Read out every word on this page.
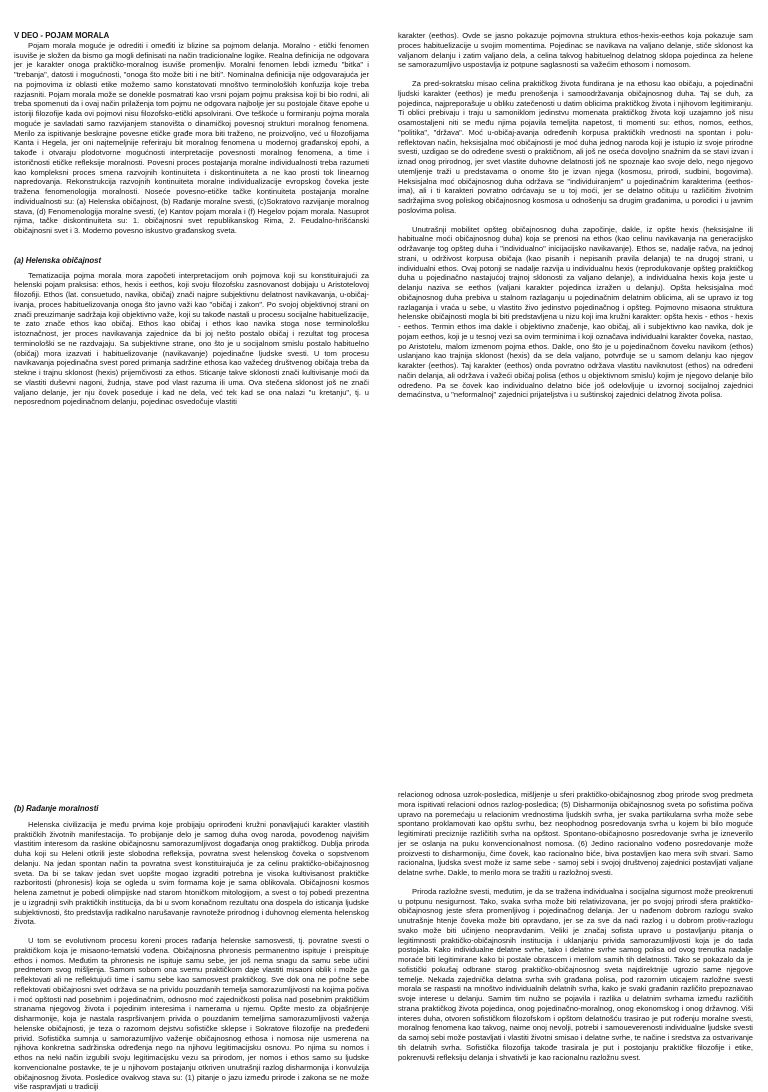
V DEO - POJAM MORALA

Pojam morala moguće je odrediti i omeđiti iz blizine sa pojmom delanja. Moralno - etički fenomen isuviše je složen da bismo ga mogli definisati na način tradicionalne logike. Realna definicija ne odgovara jer je karakter onoga praktičko-moralnog isuviše promenljiv. Moralni fenomen lebdi između "bitka" i "trebanja", datosti i mogućnosti, "onoga što može biti i ne biti". Nominalna definicija nije odgovarajuća jer na pojmovima iz oblasti etike možemo samo konstatovati mnoštvo terminoloških konfuzija koje treba razjasniti. Pojam morala može se donekle posmatrati kao vrsni pojam pojmu praksisa koji bi bio rodni, ali treba spomenuti da i ovaj način prilaženja tom pojmu ne odgovara najbolje jer su postojale čitave epohe u istoriji filozofije kada ovi pojmovi nisu filozofsko-etički apsolvirani. Ove teškoće u formiranju pojma morala moguće je savladati samo razvijanjem stanovišta o dinamičkoj povesnoj strukturi moralnog fenomena. Merilo za ispitivanje beskrajne povesne etičke građe mora biti traženo, ne proizvoljno, već u filozofijama Kanta i Hegela, jer oni najtemeljnije referiraju bit moralnog fenomena u modernoj građanskoj epohi, a takođe i otvaraju plodotvorne mogućnosti interpretacije povesnosti moralnog fenomena, a time i istoričnosti etičke refleksije moralnosti. Povesni proces postajanja moralne individualnosti treba razumeti kao kompleksni proces smena razvojnih kontinuiteta i diskontinuiteta a ne kao prosti tok linearnog napredovanja. Rekonstrukcija razvojnih kontinuiteta moralne individualizacije evropskog čoveka jeste tražena fenomenologija moralnosti. Noseće povesno-etičke tačke kontinuiteta postajanja moralne individualnosti su: (a) Helenska običajnost, (b) Rađanje moralne svesti, (c)Sokratovo razvijanje moralnog stava, (d) Fenomenologija moralne svesti, (e) Kantov pojam morala i (f) Hegelov pojam morala. Nasuprot njima, tačke diskontinuiteta su: 1. običajnosni svet republikanskog Rima, 2. Feudalno-hrišćanski običajnosni svet i 3. Moderno povesno iskustvo građanskog sveta.

(a) Helenska običajnost

Tematizacija pojma morala mora započeti interpretacijom onih pojmova koji su konstituirajući za helenski pojam praksisa: ethos, hexis i eethos, koji svoju filozofsku zasnovanost dobijaju u Aristotelovoj filozofiji. Ethos (lat. consuetudo, navika, običaj) znači najpre subjektivnu delatnost navikavanja, u-običaj-ivanja, proces habituelizovanja onoga što javno važi kao "običaj i zakon". Po svojoj objektivnoj strani on znači preuzimanje sadržaja koji objektivno važe, koji su takođe nastali u procesu socijalne habituelizacije, te zato znače ethos kao običaj. Ethos kao običaj i ethos kao navika stoga nose terminološku istoznačnost, jer proces navikavanja zajednice da bi joj nešto postalo običaj i rezultat tog procesa terminološki se ne razdvajaju. Sa subjektivne strane, ono što je u socijalnom smislu postalo habituelno (običaj) mora izazvati i habituelizovanje (navikavanje) pojedinačne ljudske svesti. U tom procesu navikavanja pojedinačna svest pored primanja sadržine ethosa kao važećeg društvenog običaja treba da stekne i trajnu sklonost (hexis) prijemčivosti za ethos. Sticanje takve sklonosti znači kultivisanje moći da se vlastiti duševni nagoni, žudnja, stave pod vlast razuma ili uma. Ova stečena sklonost još ne znači valjano delanje, jer nju čovek poseduje i kad ne dela, već tek kad se ona nalazi "u kretanju", tj. u neposrednom pojedinačnom delanju, pojedinac osvedočuje vlastiti

karakter (eethos). Ovde se jasno pokazuje pojmovna struktura ethos-hexis-eethos koja pokazuje sam proces habituelizacije u svojim momentima. Pojedinac se navikava na valjano delanje, stiče sklonost ka valjanom delanju i zatim valjano dela, a celina takvog habituelnog delatnog sklopa pojedinca za helene se samorazumljivo uspostavlja iz potpune saglasnosti sa važećim ethosom i nomosom.

Za pred-sokratsku misao celina praktičkog života fundirana je na ethosu kao običaju, a pojedinačni ljudski karakter (eethos) je među prenošenja i samoodržavanja običajnosnog duha. Taj se duh, za pojedinca, najpreporašuje u obliku zatečenosti u datim oblicima praktičkog života i njihovom legitimiranju. Ti oblici prebivaju i traju u samoniklom jedinstvu momenata praktičkog života koji uzajamno još nisu osamostaljeni niti se među njima pojavila temeljita napetost, ti momenti su: ethos, nomos, eethos, "politika", "država". Moć u-običaj-avanja određenih korpusa praktičkih vrednosti na spontan i polu-reflektovan način, heksisjalna moć običajnosti je moć duha jednog naroda koji je istupio iz svoje prirodne svesti, uzdigao se do određene svesti o praktičnom, ali još ne oseća dovoljno snažnim da se stavi izvan i iznad onog prirodnog, jer svet vlastite duhovne delatnosti još ne spoznaje kao svoje delo, nego njegovo utemljenje traži u predstavama o onome što je izvan njega (kosmosu, prirodi, sudbini, bogovima). Heksisjalna moć običajnosnog duha održava se "individuiranjem" u pojedinačnim karakterima (eethos-ima), ali i ti karakteri povratno odrćavaju se u toj moći, jer se delatno očituju u različitim životnim sadržajima svog poliskog običajnosnog kosmosa u odnošenju sa drugim građanima, u porodici i u javnim poslovima polisa.

Unutrašnji mobilitet opšteg običajnosnog duha započinje, dakle, iz opšte hexis (heksisjalne ili habitualne moći običajnosnog duha) koja se prenosi na ethos (kao celinu navikavanja na generacijsko održavanje tog opšteg duha i "individualno" inicijacijsko navikavanje). Ethos se, nadalje račva, na jednoj strani, u održivost korpusa običaja (kao pisanih i nepisanih pravila delanja) te na drugoj strani, u individualni ethos. Ovaj potonji se nadalje razvija u individualnu hexis (reprodukovanje opšteg praktičkog duha u pojedinačno nastajućoj trajnoj sklonosti za valjano delanje), a individualna hexis koja jeste u delanju naziva se eethos (valjani karakter pojedinca izražen u delanju). Opšta heksisjalna moć običajnosnog duha prebiva u stalnom razlaganju u pojedinačnim delatnim oblicima, ali se upravo iz tog razlaganja i vraća u sebe, u vlastito živo jedinstvo pojedinačnog i opšteg. Pojmovno misaona struktura helenske običajnosti mogla bi biti predstavljena u nizu koji ima kružni karakter: opšta hexis - ethos - hexis - eethos. Termin ethos ima dakle i objektivno značenje, kao običaj, ali i subjektivno kao navika, dok je pojam eethos, koji je u tesnoj vezi sa ovim terminima i koji označava individualni karakter čoveka, nastao, po Aristotelu, malom izmenom pojma ethos. Dakle, ono što je u pojedinačnom čoveku navikom (ethos) uslanjano kao trajnija sklonost (hexis) da se dela valjano, potvrđuje se u samom delanju kao njegov karakter (eethos). Taj karakter (eethos) onda povratno održava vlastitu naviknutost (ethos) na određeni način delanja, ali održava i važeći običaj polisa (ethos u objektivnom smislu) kojim je njegovo delanje bilo određeno. Pa se čovek kao individualno delatno biće još odelovljuje u izvornoj socijalnoj zajednici demaćinstva, u "neformalnoj" zajednici prijateljstva i u suštinskoj zajednici delatnog života polisa.

(b) Rađanje moralnosti

Helenska civilizacija je među prvima koje probijaju oprirođeni kružni ponavljajući karakter vlastitih praktičkih životnih manifestacija. To probijanje delo je samog duha ovog naroda, povođenog najvišim vlastitim interesom da raskine običajnosnu samorazumljivost događanja onog praktičkog. Dubljа priroda duha koji su Heleni otkrili jeste slobodna refleksija, povratna svest helenskog čoveka o sopstvenom delanju. Na jedan spontan način ta povratna svest konstituirajuća je za celinu praktičko-običajnosnog sveta. Da bi se takav jedan svet uopšte mogao izgraditi potrebna je visoka kultivisanost praktičke razboritosti (phronesis) koja se ogleda u svim formama koje je sama oblikovala. Običajnosni kosmos helena zametnut je pobedi olimpijske nad starom htoničkom mitologijom, a svest o toj pobedi prezentna je u izgradnji svih praktičkih institucija, da bi u svom konačnom rezultatu ona dospela do isticanja ljudske subjektivnosti, što predstavlja radikalno narušavanje ravnoteže prirodnog i duhovnog elementa helenskog života.

U tom se evolutivnom procesu koreni proces rađanja helenske samosvesti, tj. povratne svesti o praktičkom koja je misaono-tematski vođena. Običajnosna phronesis permanentno ispituje i preispituje ethos i nomos. Međutim ta phronesis ne ispituje samu sebe, jer još nema snagu da samu sebe učini predmetom svog mišljenja. Samom sobom ona svemu praktičkom daje vlastiti misaoni oblik i može ga reflektovati ali ne reflektujući time i samu sebe kao samosvest praktičkog. Sve dok ona ne počne sebe reflektovati običajnosni svet održava se na privídu pouzdanih temelja samorazumljivosti na kojima počiva i moć opštosti nad posebnim i pojedinačnim, odnosno moć zajedničkosti polisa nad posebnim praktičkim stranama njegovog života i pojedinim interesima i namerama u njemu. Opšte mesto za objašnjenje disharmonije, koja je nastala raspršivanjem privida o pouzdanim temeljima samorazumljivosti važenja helenske običajnosti, je teza o razornom dejstvu sofističke sklepse i Sokratove filozofije na pređeđeni privid. Sofistička sumnja u samorazumljivo važenje običajnosnog ethosa i nomosa nije usmerena na njihova konkretna sadržinska određenja nego na njihovu legitimacijsku osnovu. Po njima su nomos i ethos na neki način izgubili svoju legitimacijsku vezu sa prirodom, jer nomos i ethos samo su ljudske konvencionalne postavke, te je u njihovom postajanju otkriven unutrašnji razlog disharmonija i konvulzija običajnosnog života. Posledice ovakvog stava su: (1) pitanje o jazu između prirode i zakona se ne može više raspravljati u tradiciji

relacionog odnosa uzrok-posledica, mišljenje u sferi praktičko-običajnosnog zbog prirode svog predmeta mora ispitivati relacioni odnos razlog-posledica; (5) Disharmonija običajnosnog sveta po sofistima počiva upravo na poremećaju u relacionim vrednostima ljudskih svrha, jer svaka partikularna svrha može sebe spontano proklamovati kao opštu svrhu, bez neophodnog posredovanja svrha u kojem bi bilo moguće legitimirati preciznije različitih svrha na opštost. Spontano-običajnosno posredovanje svrha je izneverilo jer se oslanja na puku konvencionalnost nomosa. (6) Jedino racionalno vođeno posredovanje može proizvesti to disharmoniju, čime čovek, kao racionalno biće, biva postavljen kao mera svih stvari. Samo racionalna, ljudska svest može iz same sebe - samoj sebi i svojoj društvenoj zajednici postavljati valjane delatne svrhe. Dakle, to merilo mora se tražiti u razložnoj svesti.

Priroda razložne svesti, međutim, je da se tražena individualna i socijalna sigurnost može preokrenuti u potpunu nesigurnost. Tako, svaka svrha može biti relativizovana, jer po svojoj prirodi sfera praktičko-običajnosnog jeste sfera promenljivog i pojedinačnog delanja. Jer u nađenom dobrom razlogu svako unutrašnje htenje čoveka može biti opravdano, jer se za sve da naći razlog i u dobrom protiv-razlogu svako može biti učinjeno neopravdanim. Veliki je značaj sofista upravo u postavljanju pitanja o legitimnosti praktičko-običajnosnih institucija i uklanjanju privida samorazumljivosti koja je do tada postojala. Kako individualne delatne svrhe, tako i delatne svrhe samog polisa od ovog trenutka nadalje moraće biti legitimirane kako bi postale obrascem i merilom samih tih delatnosti. Tako se pokazalo da je sofistički pokušaj odbrane starog praktičko-običajnosnog sveta najdirektnije ugrozio same njegove temelje. Nekada zajednička delatna svrha svih građana polisa, pod razornim uticajem razložne svesti morala se raspasti na mnoštvo individualnih delatnih svrha, kako je svaki građanin različito prepoznavao svoje interese u delanju. Samim tim nužno se pojavila i razlika u delatnim svrhama između različitih strana praktičkog života pojedinca, onog pojedinačno-moralnog, onog ekonomskog i onog državnog. Viši interes duha, otvoren sofističkom filozofskom i opštom delatnošću trasirao je put rođenju moralne svesti, moralnog fenomena kao takvog, naime onoj nevolji, potrebi i samoueverenosti individualne ljudske svesti da samoj sebi može postavljati i vlastiti životni smisao i delatne svrhe, te načine i sredstva za ostvarivanje tih delatnih svrha. Sofistička filozofija takođe trasirala je put i postojanju praktičke filozofije i etike, pokrenuvši refleksiju delanja i shvativši je kao racionalnu razložnu svest.
